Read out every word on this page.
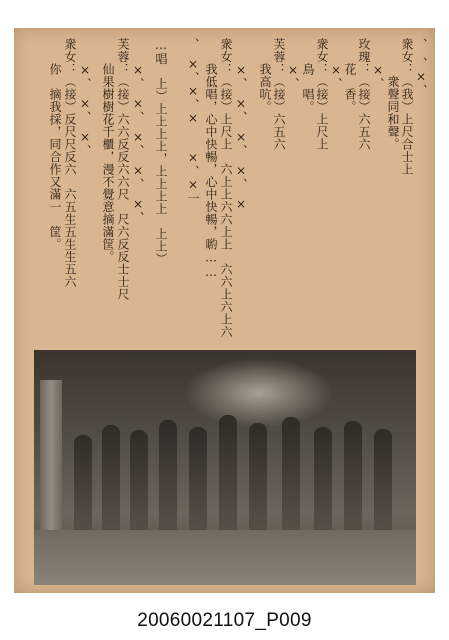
、　、×、
衆女：（我）上尺合士上
　　　衆聲同和聲。
　　×、
玫瑰：（接）六五六
　　花　香。
　　×、
衆女：（接）上尺上
　　鳥　唱。
　　×、
芙蓉：（接）六五六
　　我高吭。
　　×、　×、　×、　×、　×
衆女：（接）上尺上　六上上六六上上　六六上六上六
　　我低唱，心中快暢，心中快暢，喲……
、　×、×、×　　×、×一
…唱　上）上上上上，上上上上　上上）
　　×、　×、　×、　×、　×、
芙蓉：（接）六六反反六六尺　尺六反反士士尺
　　仙果樹樹花千櫃，漫不覺意摘滿筐。
　　×、　×、　×、
衆女：（接）反尺尺反六　六五生五生生五六
　　你　摘我採，同合作又滿一　筐。
20060021107_P009
